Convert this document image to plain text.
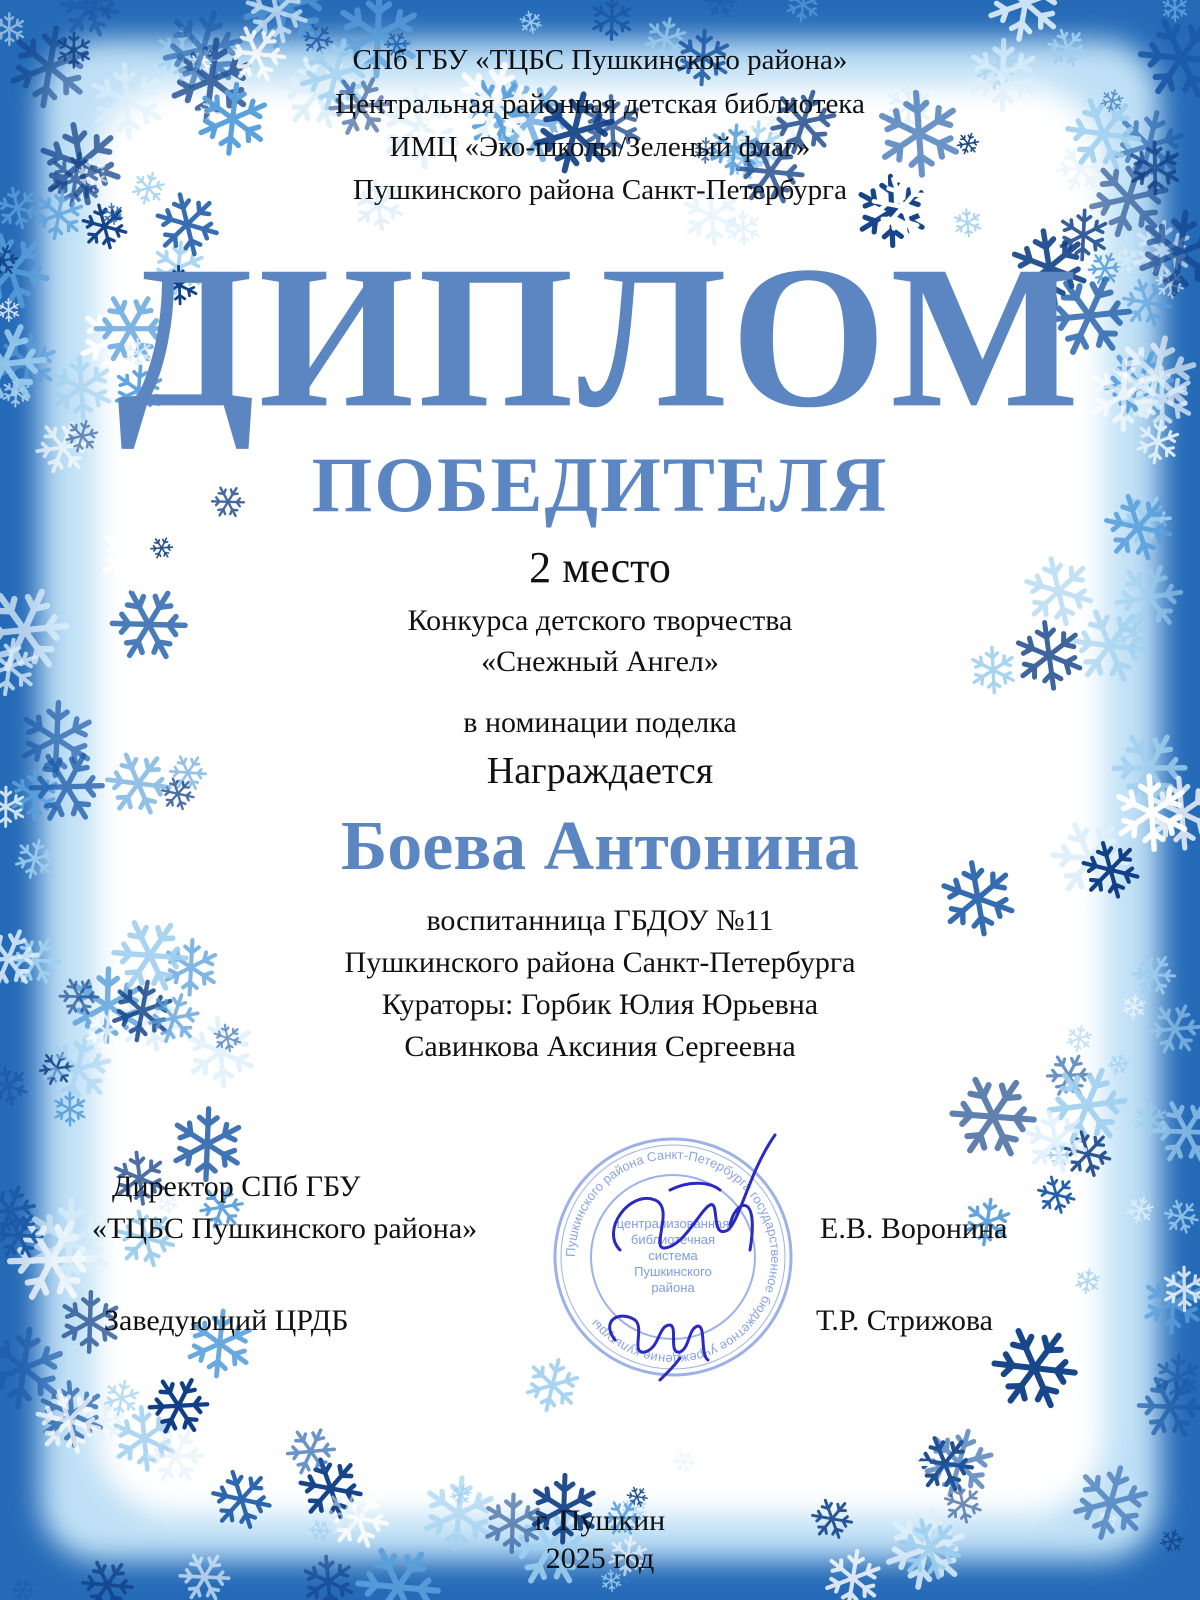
СПб ГБУ «ТЦБС Пушкинского района»
Центральная районная детская библиотека
ИМЦ «Эко-школы/Зеленый флаг»
Пушкинского района Санкт-Петербурга
ДИПЛОМ
ПОБЕДИТЕЛЯ
2 место
Конкурса детского творчества
«Снежный Ангел»
в номинации поделка
Награждается
Боева Антонина
воспитанница ГБДОУ №11
Пушкинского района Санкт-Петербурга
Кураторы: Горбик Юлия Юрьевна
Савинкова Аксиния Сергеевна
Директор СПб ГБУ
«ТЦБС Пушкинского района»	Е.В. Воронина
Заведующий ЦРДБ	Т.Р. Стрижова
г. Пушкин
2025 год
Пушкинского района Санкт-Петербурга государственное бюджетное учреждение культуры
централизованная
библиотечная
система
Пушкинского
района
